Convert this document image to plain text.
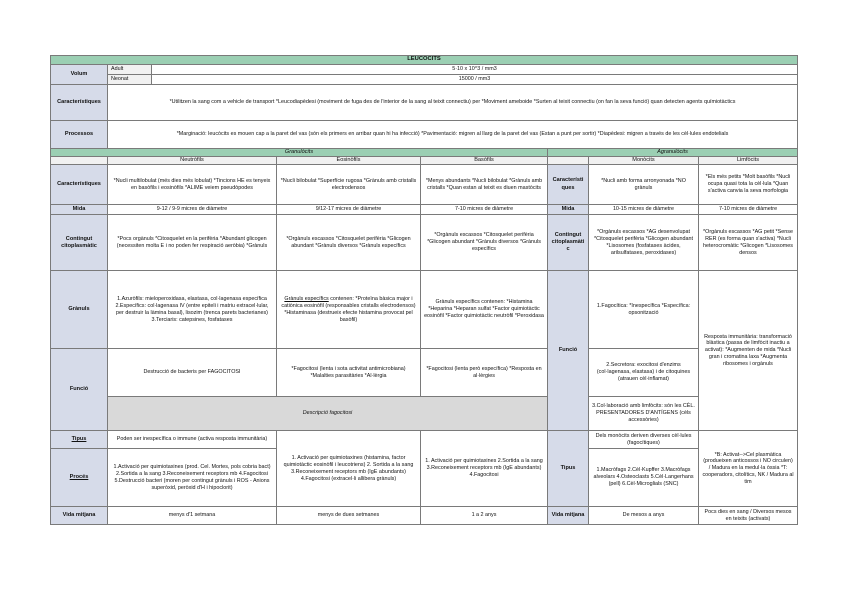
LEUCÒCITS							
Volum	Adult	5·10 x 10^3 / mm3					
	Neonat	15000 / mm3					
Característiques	*Utilitzen la sang com a vehicle de transport *Leucodiapèdesi (moviment de fuga des de l'interior de la sang al teixit connectiu) per *Moviment ameboide *Surten al teixit connectiu (on fan la seva funció) quan detecten agents químiotàctics						
Processos	*Marginació: leucòcits es mouen cap a la paret del vas (són els primers en arribar quan hi ha infecció) *Pavimentació: migren al llarg de la paret del vas (Estan a punt per sortir) *Diapèdesi: migren a través de les cèl·lules endotelials						
Granulòcits					Agranulòcits		
	Neutròfils		Eosinòfils	Basòfils		Monòcits	Limfòcits
Característiques	*Nucli multilobulat (més dies més lobulat) *Tincions HE es tenyeix en basòfils i eosinòfils *ALIME veiem pseudòpodes		*Nucli bilobulat *Superfície rugosa *Grànuls amb cristalls electrodensos	*Menys abundants *Nucli bilobulat *Grànuls amb cristalls *Quan estan al teixit es diuen mastòcits	Característiques	*Nucli amb forma arronyonada *NO grànuls	*Els més petits *Molt basòfils *Nucli ocupa quasi tota la cèl·lula *Quan s'activa canvia la seva morfologia
Mida	9-12 / 9-9 micres de diàmetre		9/12-17 micres de diàmetre	7-10 micres de diàmetre	Mida	10-15 micres de diàmetre	7-10 micres de diàmetre
Contingut citoplasmàtic	*Pocs orgànuls *Citosquelet en la perifèria *Abundant glicogen (necessiten molta E i no poden fer respiració aeròbia) *Grànuls		*Orgànuls escassos *Citosquelet perifèria *Glicogen abundant *Grànuls diversos *Grànuls específics	*Orgànuls escassos *Citosquelet perifèria *Glicogen abundant *Grànuls diversos *Grànuls específics	Contingut citoplasmàtic	*Orgànuls escassos *AG desenvolupat *Citosquelet perifèria *Glicogen abundant *Lisosomes (fosfatases àcides, arilsulfatases, peroxidases)	*Orgànuls escassos *AG petit *Sense RER (es forma quan s'activa) *Nucli heterocromàtic *Glicogen *Lisosomes densos
Grànuls	1.Azuròfils: mieloperoxidasa, elastasa, col·lagenasa específica 2.Específics: col·lagenasa IV (entre epiteli i matriu extracel·lular, per destruir la làmina basal), lisozim (trenca parets bacterianes) 3.Terciaris: catepsines, fosfatases		Grànuls específics contenen: *Proteïna bàsica major i catiònica eosinòfil (responsables cristalls electrodensos) *Histaminasa (destrueix efecte histamina provocat pel basòfil)	Grànuls específics contenen: *Histamina *Heparina *Heparan sulfat *Factor quimiotàctic eosinòfil *Factor quimiotàctic neutròfil *Peroxidasa	Funció	1.Fagocítica: *Inespecífica *Específica: opsonització	Resposta immunitària: transformació blàstica (passa de limfòcit inactiu a activat): *Augmenten de mida *Nucli gran i cromatina laxa *Augmenta ribosomes i orgànuls
Funció	Destrucció de bacteris per FAGOCITOSI		*Fagocitosi (lenta i sota activitat antimicrobiana) *Malalties parasitàries *Al·lèrgia	*Fagocitosi (lenta però específica) *Resposta en al·lèrgies		2.Secretora: exocitosi d'enzims (col·lagenasa, elastasa) i de citoquines (atrauen cèl·inflamat)	
	Descripció fagocitosi					3.Col·laboració amb limfòcits: són les CÈL. PRESENTADORES D'ANTÍGENS (cèls accessòries)	
Tipus	Poden ser inespecífica o immune (activa resposta immunitària)		1. Activació per quimiotaxines (histamina, factor quimiotàctic eosinòfil i leucotriens) 2. Sortida a la sang 3.Reconeixement receptors mb (IgE abundants) 4.Fagocitosi (extracel·li allibera grànuls)	1. Activació per quimiotaxines 2.Sortida a la sang 3.Reconeixement receptors mb (IgE abundants) 4.Fagocitosi	Tipus	Dels monòcits deriven diverses cèl·lules (fagocítiques)	*B: Activat-->Cel plasmàtica (produeixen anticossos i NO circulen) / Madura en la medul·la òssia *T: cooperadors, citolítics, NK / Madura al tim
Procés	1.Activació per quimiotaxines (prod. Cel. Mortes, pols cobria bact) 2.Sortida a la sang 3.Reconeixement receptors mb 4.Fagocitosi 5.Destrucció bacteri (moren per contingut grànuls i ROS - Anions superòxid, peròxid d'H i hipoclorit)					1.Macròfags 2.Cèl·Kupffer 3.Macròfags alveolars 4.Osteoclasts 5.Cèl·Langerhans (pell) 6.Cèl·Microglials (SNC)	
Vida mitjana	menys d'1 setmana		menys de dues setmanes	1 a 2 anys	Vida mitjana	De mesos a anys	Pocs dies en sang / Diversos mesos en teixits (activats)
